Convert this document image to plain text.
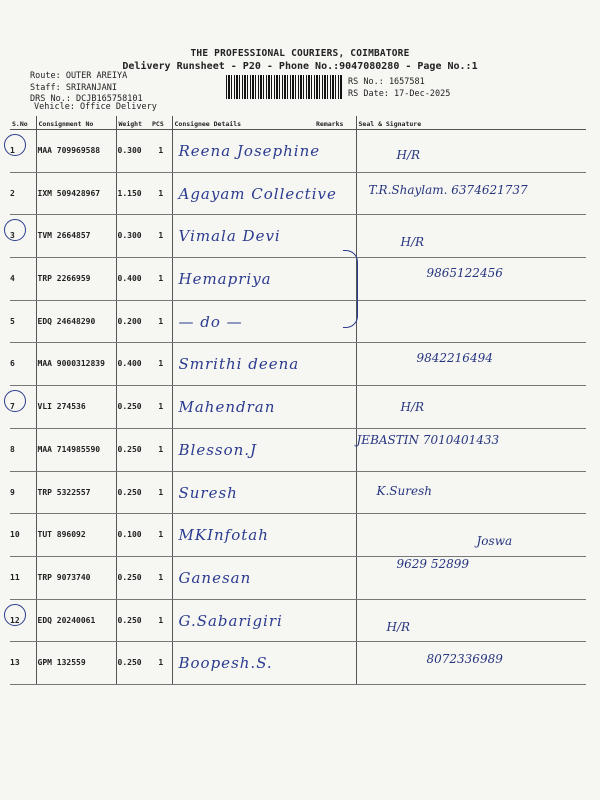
THE PROFESSIONAL COURIERS, COIMBATORE
Delivery Runsheet - P20 - Phone No.:9047080280 - Page No.:1
Route: OUTER AREIYA
Staff: SRIRANJANI
DRS No.: DCJB165758101
RS No.: 1657581
RS Date: 17-Dec-2025
Vehicle: Office Delivery
S.No	Consignment No	Weight	PCS	Consignee Details	Remarks	Seal & Signature
1	MAA 709969588	0.300	1	Reena Josephine		H/R

2	IXM 509428967	1.150	1	Agayam Collective		T.R.Shaylam. 6374621737

3	TVM 2664857	0.300	1	Vimala Devi		H/R

4	TRP 2266959	0.400	1	Hemapriya		9865122456

5	EDQ 24648290	0.200	1	— do —		

6	MAA 9000312839	0.400	1	Smrithi deena		9842216494

7	VLI 274536	0.250	1	Mahendran		H/R

8	MAA 714985590	0.250	1	Blesson.J		JEBASTIN 7010401433

9	TRP 5322557	0.250	1	Suresh		K.Suresh

10	TUT 896092	0.100	1	MKInfotah		Joswa

11	TRP 9073740	0.250	1	Ganesan		9629 52899

12	EDQ 20240061	0.250	1	G.Sabarigiri		H/R

13	GPM 132559	0.250	1	Boopesh.S.		8072336989
